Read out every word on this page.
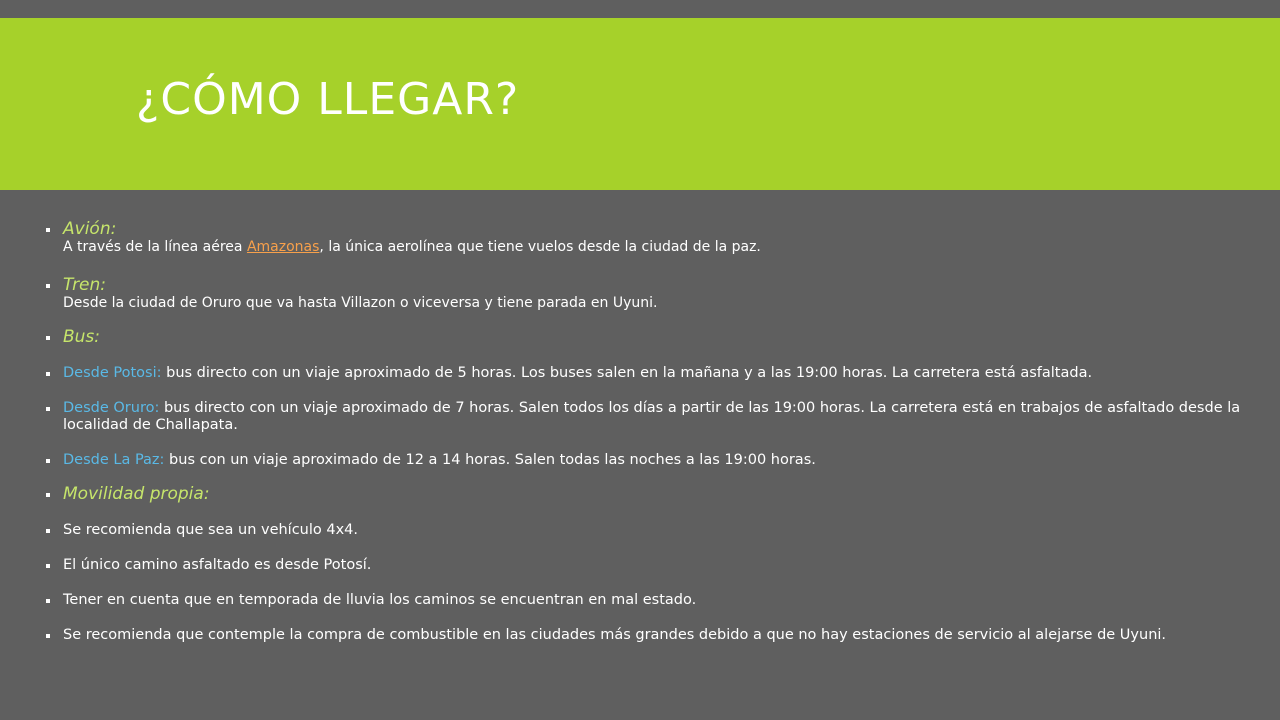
¿CÓMO LLEGAR?
Avión:
A través de la línea aérea Amazonas, la única aerolínea que tiene vuelos desde la ciudad de la paz.
Tren:
Desde la ciudad de Oruro que va hasta Villazon o viceversa y tiene parada en Uyuni.
Bus:
Desde Potosi: bus directo con un viaje aproximado de 5 horas. Los buses salen en la mañana y a las 19:00 horas. La carretera está asfaltada.
Desde Oruro: bus directo con un viaje aproximado de 7 horas. Salen todos los días a partir de las 19:00 horas. La carretera está en trabajos de asfaltado desde la localidad de Challapata.
Desde La Paz: bus con un viaje aproximado de 12 a 14 horas. Salen todas las noches a las 19:00 horas.
Movilidad propia:
Se recomienda que sea un vehículo 4x4.
El único camino asfaltado es desde Potosí.
Tener en cuenta que en temporada de lluvia los caminos se encuentran en mal estado.
Se recomienda que contemple la compra de combustible en las ciudades más grandes debido a que no hay estaciones de servicio al alejarse de Uyuni.
